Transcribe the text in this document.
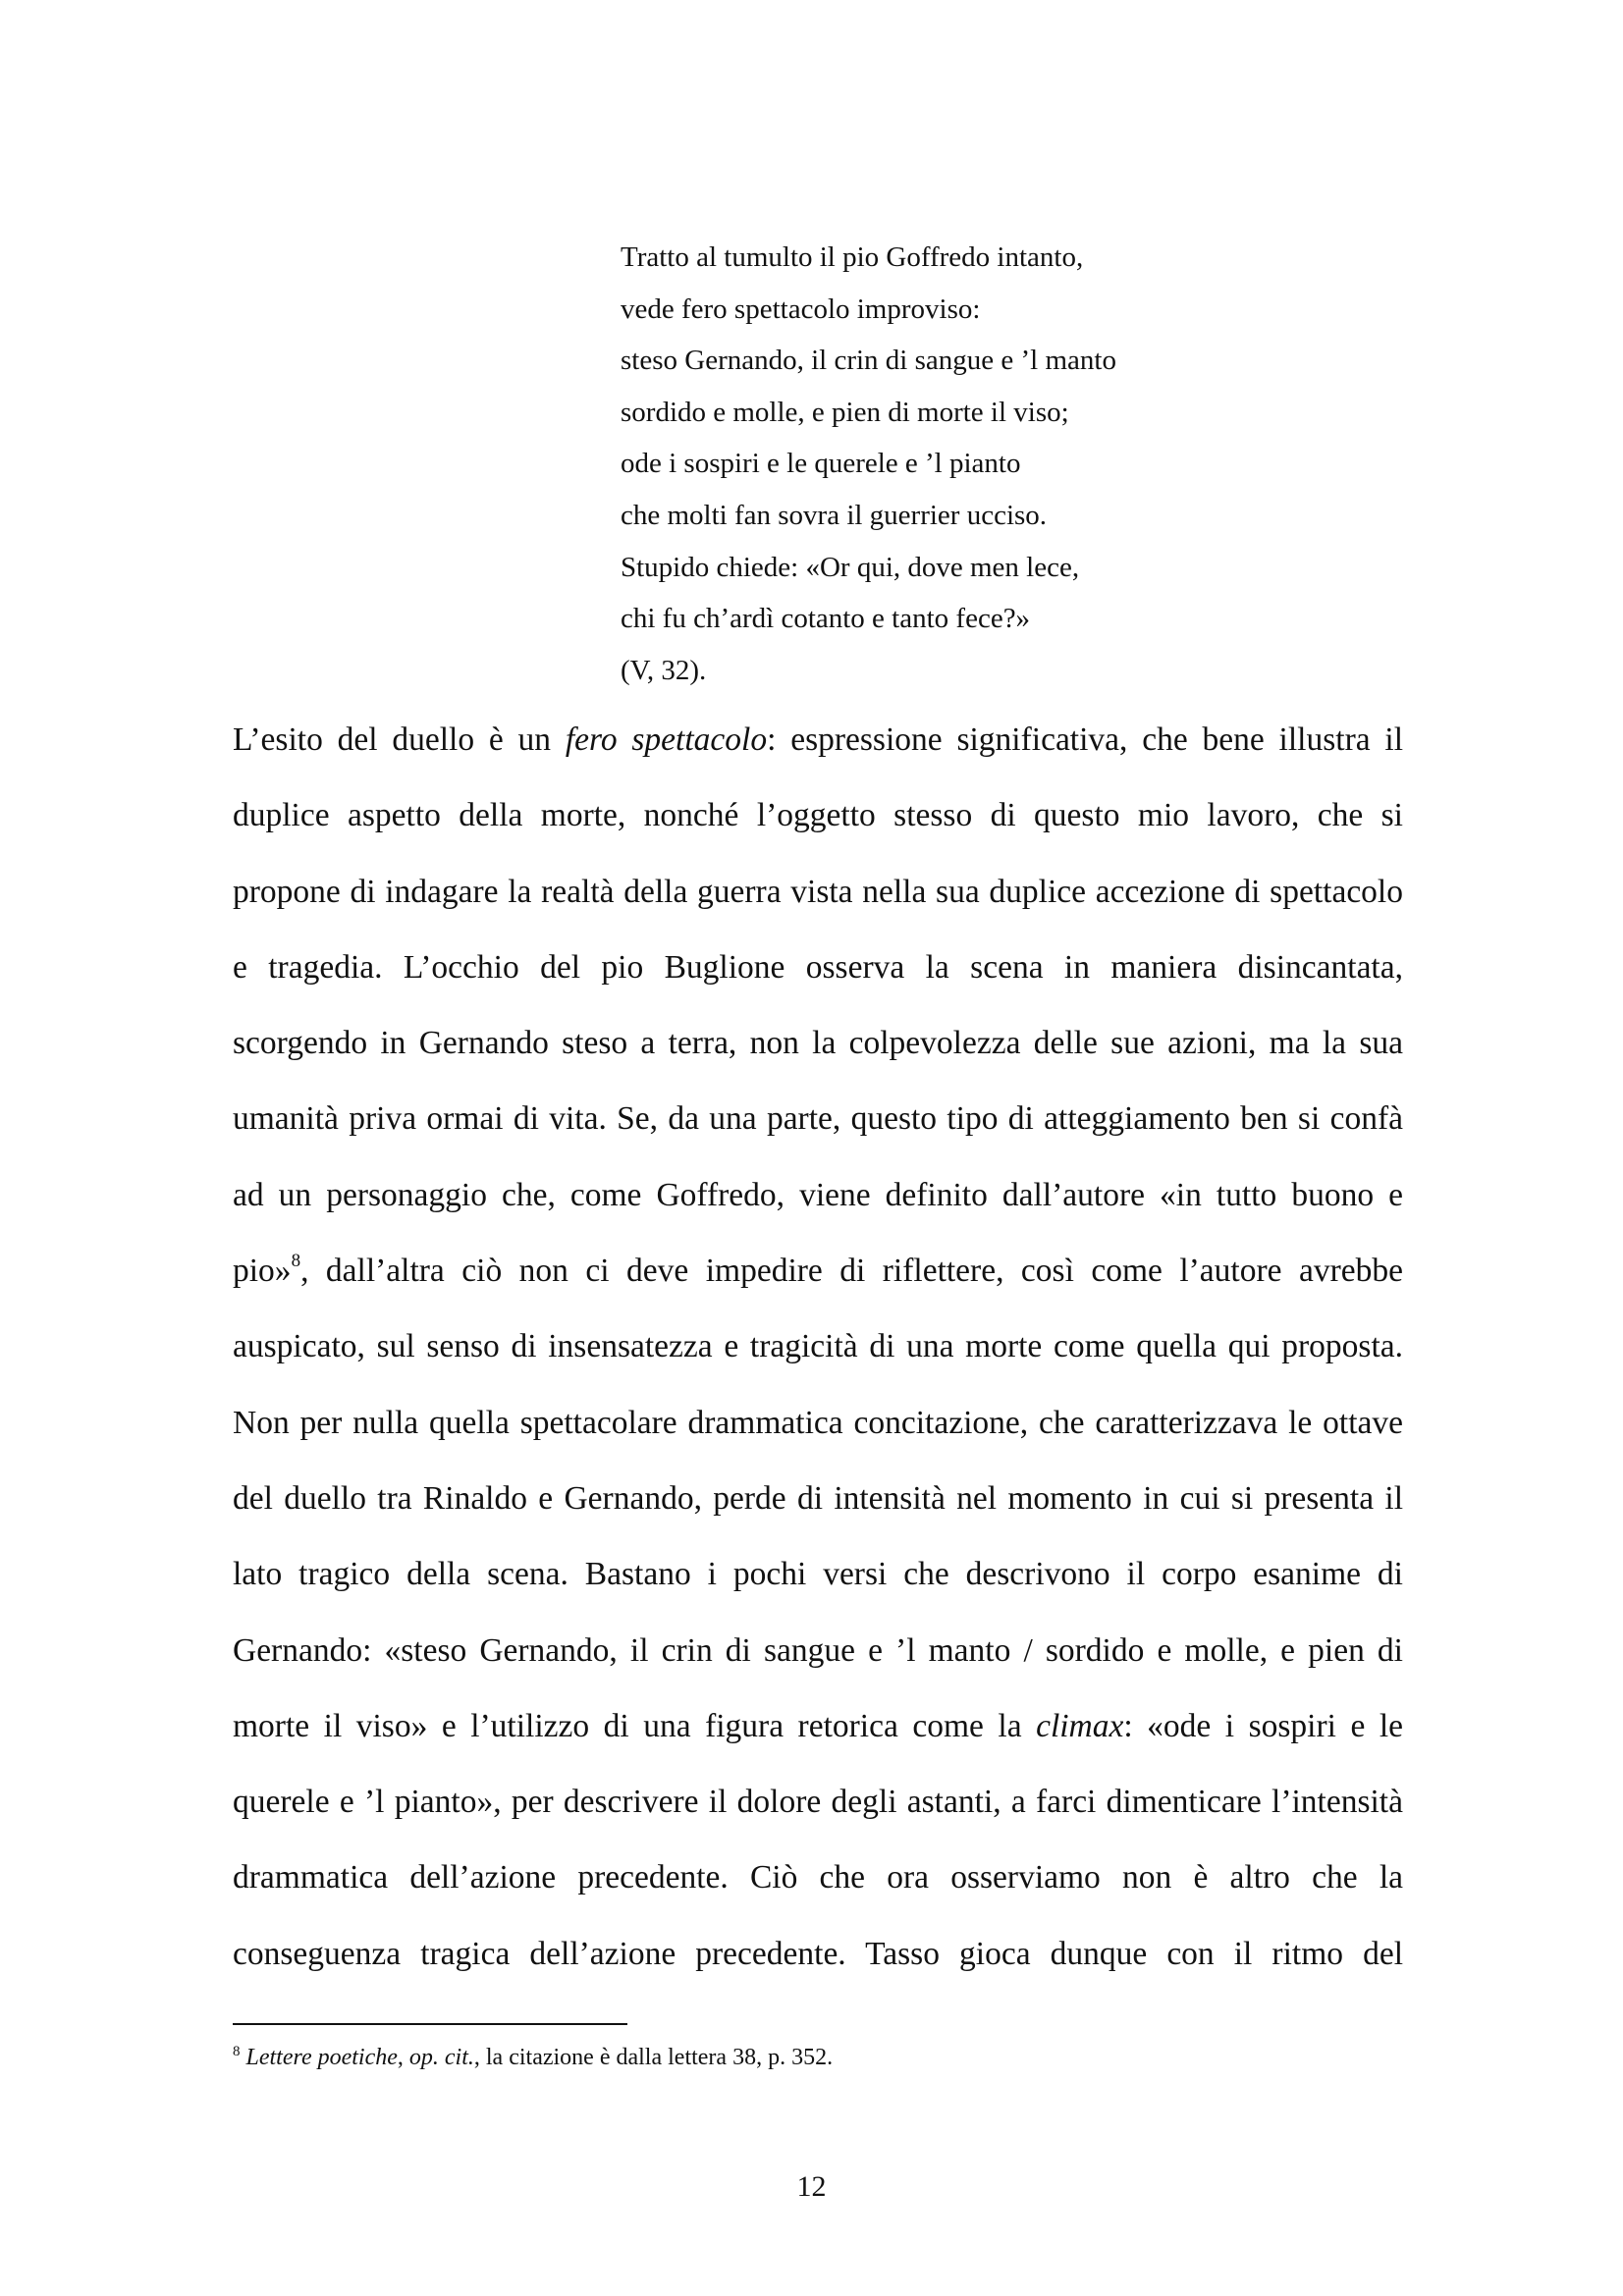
Tratto al tumulto il pio Goffredo intanto,
vede fero spettacolo improviso:
steso Gernando, il crin di sangue e ’l manto
sordido e molle, e pien di morte il viso;
ode i sospiri e le querele e ’l pianto
che molti fan sovra il guerrier ucciso.
Stupido chiede: «Or qui, dove men lece,
chi fu ch’ardì cotanto e tanto fece?»
(V, 32).
L’esito del duello è un fero spettacolo: espressione significativa, che bene illustra il
duplice aspetto della morte, nonché l’oggetto stesso di questo mio lavoro, che si
propone di indagare la realtà della guerra vista nella sua duplice accezione di spettacolo
e tragedia. L’occhio del pio Buglione osserva la scena in maniera disincantata,
scorgendo in Gernando steso a terra, non la colpevolezza delle sue azioni, ma la sua
umanità priva ormai di vita. Se, da una parte, questo tipo di atteggiamento ben si confà
ad un personaggio che, come Goffredo, viene definito dall’autore «in tutto buono e
pio»$^8$, dall’altra ciò non ci deve impedire di riflettere, così come l’autore avrebbe
auspicato, sul senso di insensatezza e tragicità di una morte come quella qui proposta.
Non per nulla quella spettacolare drammatica concitazione, che caratterizzava le ottave
del duello tra Rinaldo e Gernando, perde di intensità nel momento in cui si presenta il
lato tragico della scena. Bastano i pochi versi che descrivono il corpo esanime di
Gernando: «steso Gernando, il crin di sangue e ’l manto / sordido e molle, e pien di
morte il viso» e l’utilizzo di una figura retorica come la climax: «ode i sospiri e le
querele e ’l pianto», per descrivere il dolore degli astanti, a farci dimenticare l’intensità
drammatica dell’azione precedente. Ciò che ora osserviamo non è altro che la
conseguenza tragica dell’azione precedente. Tasso gioca dunque con il ritmo del
$^8$ Lettere poetiche, op. cit., la citazione è dalla lettera 38, p. 352.
12
